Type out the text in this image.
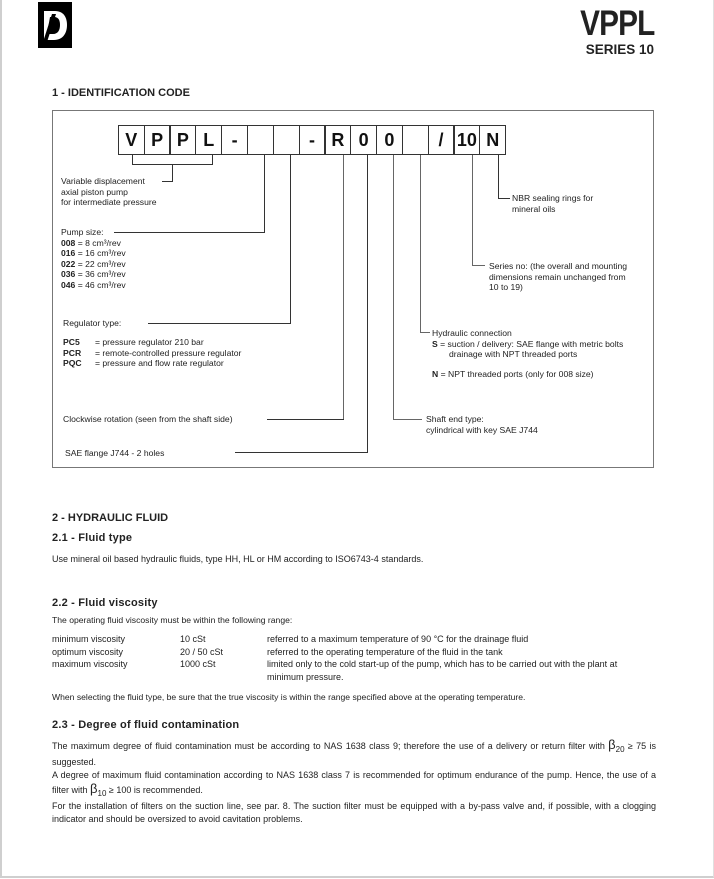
VPPL
SERIES 10
1 - IDENTIFICATION CODE
V P P L -	- R 0 0	/ 10 N
Variable displacement
axial piston pump
for intermediate pressure
Pump size:
008 = 8 cm³/rev
016 = 16 cm³/rev
022 = 22 cm³/rev
036 = 36 cm³/rev
046 = 46 cm³/rev
Regulator type:
PC5 = pressure regulator 210 bar
PCR = remote-controlled pressure regulator
PQC = pressure and flow rate regulator
Clockwise rotation (seen from the shaft side)
SAE flange J744 - 2 holes
NBR sealing rings for
mineral oils
Series no: (the overall and mounting
dimensions remain unchanged from
10 to 19)
Hydraulic connection
S = suction / delivery: SAE flange with metric bolts
drainage with NPT threaded ports
N = NPT threaded ports (only for 008 size)
Shaft end type:
cylindrical with key SAE J744
2 - HYDRAULIC FLUID
2.1 - Fluid type
Use mineral oil based hydraulic fluids, type HH, HL or HM according to ISO6743-4 standards.
2.2 - Fluid viscosity
The operating fluid viscosity must be within the following range:
minimum viscosity	10 cSt	referred to a maximum temperature of 90 °C for the drainage fluid
optimum viscosity	20 / 50 cSt	referred to the operating temperature of the fluid in the tank
maximum viscosity	1000 cSt	limited only to the cold start-up of the pump, which has to be carried out with the plant at minimum pressure.
When selecting the fluid type, be sure that the true viscosity is within the range specified above at the operating temperature.
2.3 - Degree of fluid contamination
The maximum degree of fluid contamination must be according to NAS 1638 class 9; therefore the use of a delivery or return filter with $\beta_{20} \ge 75$ is suggested.
A degree of maximum fluid contamination according to NAS 1638 class 7 is recommended for optimum endurance of the pump. Hence, the use of a filter with $\beta_{10} \ge 100$ is recommended.
For the installation of filters on the suction line, see par. 8. The suction filter must be equipped with a by-pass valve and, if possible, with a clogging indicator and should be oversized to avoid cavitation problems.
